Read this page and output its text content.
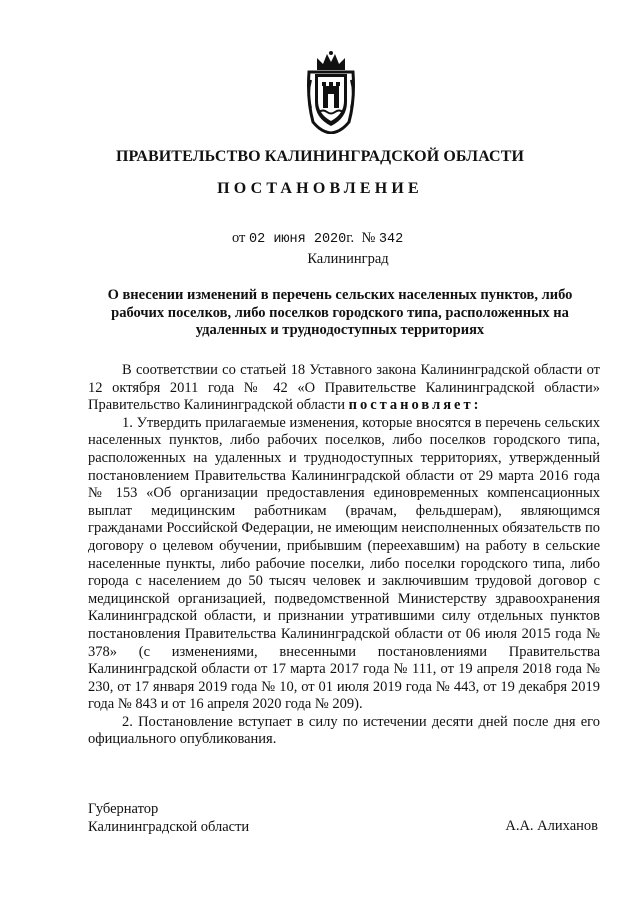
ПРАВИТЕЛЬСТВО КАЛИНИНГРАДСКОЙ ОБЛАСТИ
ПОСТАНОВЛЕНИЕ
от 02 июня 2020г. № 342
Калининград
О внесении изменений в перечень сельских населенных пунктов, либо рабочих поселков, либо поселков городского типа, расположенных на удаленных и труднодоступных территориях

В соответствии со статьей 18 Уставного закона Калининградской области от 12 октября 2011 года № 42 «О Правительстве Калининградской области» Правительство Калининградской области постановляет:

1. Утвердить прилагаемые изменения, которые вносятся в перечень сельских населенных пунктов, либо рабочих поселков, либо поселков городского типа, расположенных на удаленных и труднодоступных территориях, утвержденный постановлением Правительства Калининградской области от 29 марта 2016 года № 153 «Об организации предоставления единовременных компенсационных выплат медицинским работникам (врачам, фельдшерам), являющимся гражданами Российской Федерации, не имеющим неисполненных обязательств по договору о целевом обучении, прибывшим (переехавшим) на работу в сельские населенные пункты, либо рабочие поселки, либо поселки городского типа, либо города с населением до 50 тысяч человек и заключившим трудовой договор с медицинской организацией, подведомственной Министерству здравоохранения Калининградской области, и признании утратившими силу отдельных пунктов постановления Правительства Калининградской области от 06 июля 2015 года № 378» (с изменениями, внесенными постановлениями Правительства Калининградской области от 17 марта 2017 года № 111, от 19 апреля 2018 года № 230, от 17 января 2019 года № 10, от 01 июля 2019 года № 443, от 19 декабря 2019 года № 843 и от 16 апреля 2020 года № 209).

2. Постановление вступает в силу по истечении десяти дней после дня его официального опубликования.

Губернатор
Калининградской области	А.А. Алиханов
